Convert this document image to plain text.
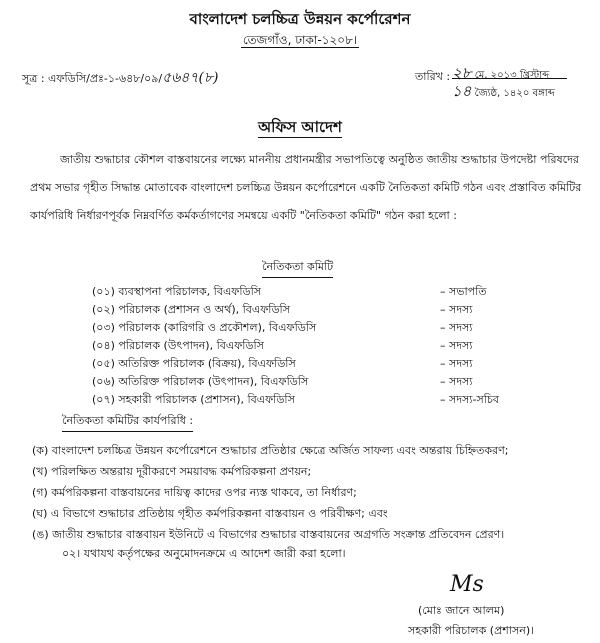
বাংলাদেশ চলচ্চিত্র উন্নয়ন কর্পোরেশন
তেজগাঁও, ঢাকা-১২০৮।
সূত্র : এফডিসি/প্রঃ-১-৬৪৮/০৯/৫৬৪৭(৮)	তারিখ : ২৮ মে, ২০১৩ খ্রিস্টাব্দ
১৪ জ্যৈষ্ঠ, ১৪২০ বঙ্গাব্দ
অফিস আদেশ
জাতীয় শুদ্ধাচার কৌশল বাস্তবায়নের লক্ষ্যে মাননীয় প্রধানমন্ত্রীর সভাপতিত্বে অনুষ্ঠিত জাতীয় শুদ্ধাচার উপদেষ্টা পরিষদের
প্রথম সভার গৃহীত সিদ্ধান্ত মোতাবেক বাংলাদেশ চলচ্চিত্র উন্নয়ন কর্পোরেশনে একটি নৈতিকতা কমিটি গঠন এবং প্রস্তাবিত কমিটির
কার্যপরিধি নির্ধারণপূর্বক নিম্নবর্ণিত কর্মকর্তাগণের সমন্বয়ে একটি "নৈতিকতা কমিটি" গঠন করা হলো :
নৈতিকতা কমিটি
(০১) ব্যবস্থাপনা পরিচালক, বিএফডিসি	– সভাপতি
(০২) পরিচালক (প্রশাসন ও অর্থ), বিএফডিসি	– সদস্য
(০৩) পরিচালক (কারিগরি ও প্রকৌশল), বিএফডিসি	– সদস্য
(০৪) পরিচালক (উৎপাদন), বিএফডিসি	– সদস্য
(০৫) অতিরিক্ত পরিচালক (বিক্রয়), বিএফডিসি	– সদস্য
(০৬) অতিরিক্ত পরিচালক (উৎপাদন), বিএফডিসি	– সদস্য
(০৭) সহকারী পরিচালক (প্রশাসন), বিএফডিসি	– সদস্য-সচিব
নৈতিকতা কমিটির কার্যপরিধি :
(ক) বাংলাদেশ চলচ্চিত্র উন্নয়ন কর্পোরেশনে শুদ্ধাচার প্রতিষ্ঠার ক্ষেত্রে অর্জিত সাফল্য এবং অন্তরায় চিহ্নিতকরণ;
(খ) পরিলক্ষিত অন্তরায় দূরীকরণে সময়াবদ্ধ কর্মপরিকল্পনা প্রণয়ন;
(গ) কর্মপরিকল্পনা বাস্তবায়নের দায়িত্ব কাদের ওপর ন্যস্ত থাকবে, তা নির্ধারণ;
(ঘ) এ বিভাগে শুদ্ধাচার প্রতিষ্ঠায় গৃহীত কর্মপরিকল্পনা বাস্তবায়ন ও পরিবীক্ষণ; এবং
(ঙ) জাতীয় শুদ্ধাচার বাস্তবায়ন ইউনিটে এ বিভাগের শুদ্ধাচার বাস্তবায়নের অগ্রগতি সংক্রান্ত প্রতিবেদন প্রেরণ।
০২। যথাযথ কর্তৃপক্ষের অনুমোদনক্রমে এ আদেশ জারী করা হলো।
Ms
(মোঃ জানে আলম)
সহকারী পরিচালক (প্রশাসন)।
